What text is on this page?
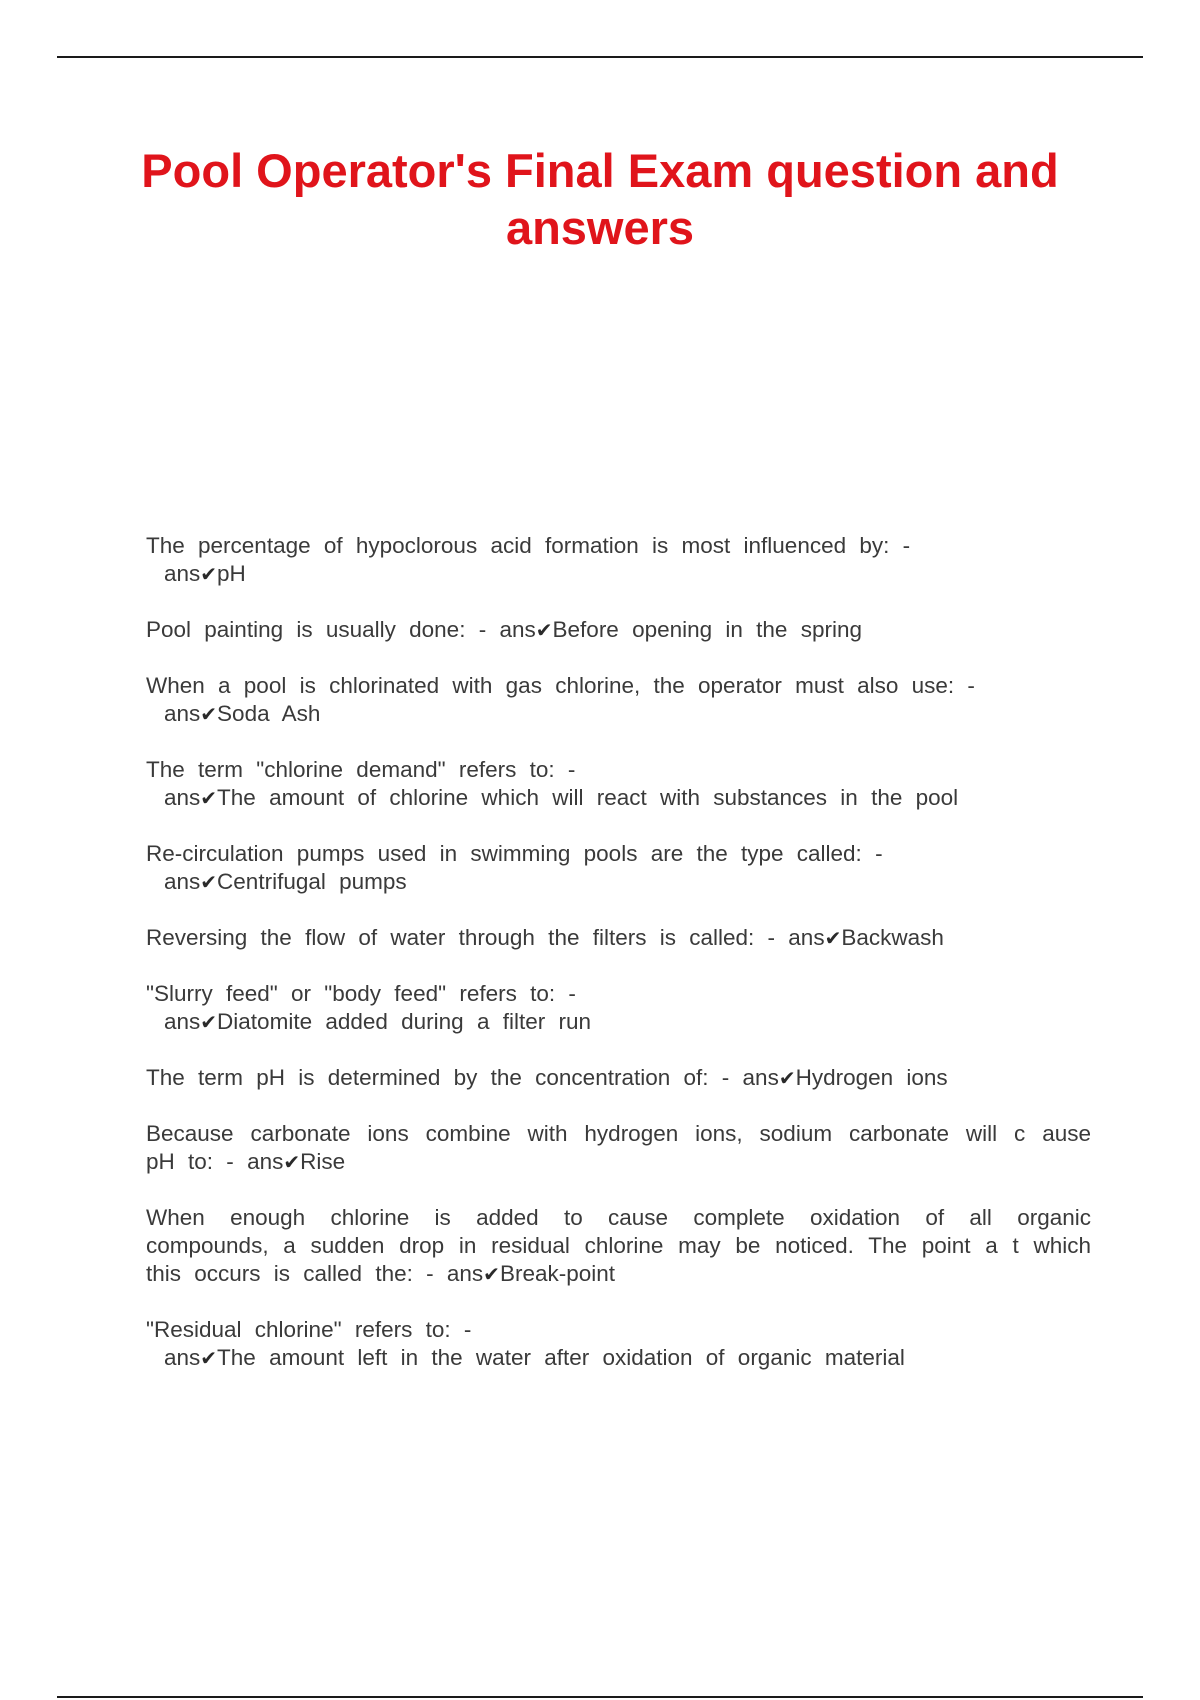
Pool Operator's Final Exam question and answers

The percentage of hypoclorous acid formation is most influenced by: -
ans✔pH

Pool painting is usually done: - ans✔Before opening in the spring

When a pool is chlorinated with gas chlorine, the operator must also use: -
ans✔Soda Ash

The term "chlorine demand" refers to: -
ans✔The amount of chlorine which will react with substances in the pool

Re-circulation pumps used in swimming pools are the type called: -
ans✔Centrifugal pumps

Reversing the flow of water through the filters is called: - ans✔Backwash

"Slurry feed" or "body feed" refers to: -
ans✔Diatomite added during a filter run

The term pH is determined by the concentration of: - ans✔Hydrogen ions

Because carbonate ions combine with hydrogen ions, sodium carbonate will c ause pH to: - ans✔Rise

When enough chlorine is added to cause complete oxidation of all organic compounds, a sudden drop in residual chlorine may be noticed. The point a t which this occurs is called the: - ans✔Break-point

"Residual chlorine" refers to: -
ans✔The amount left in the water after oxidation of organic material
